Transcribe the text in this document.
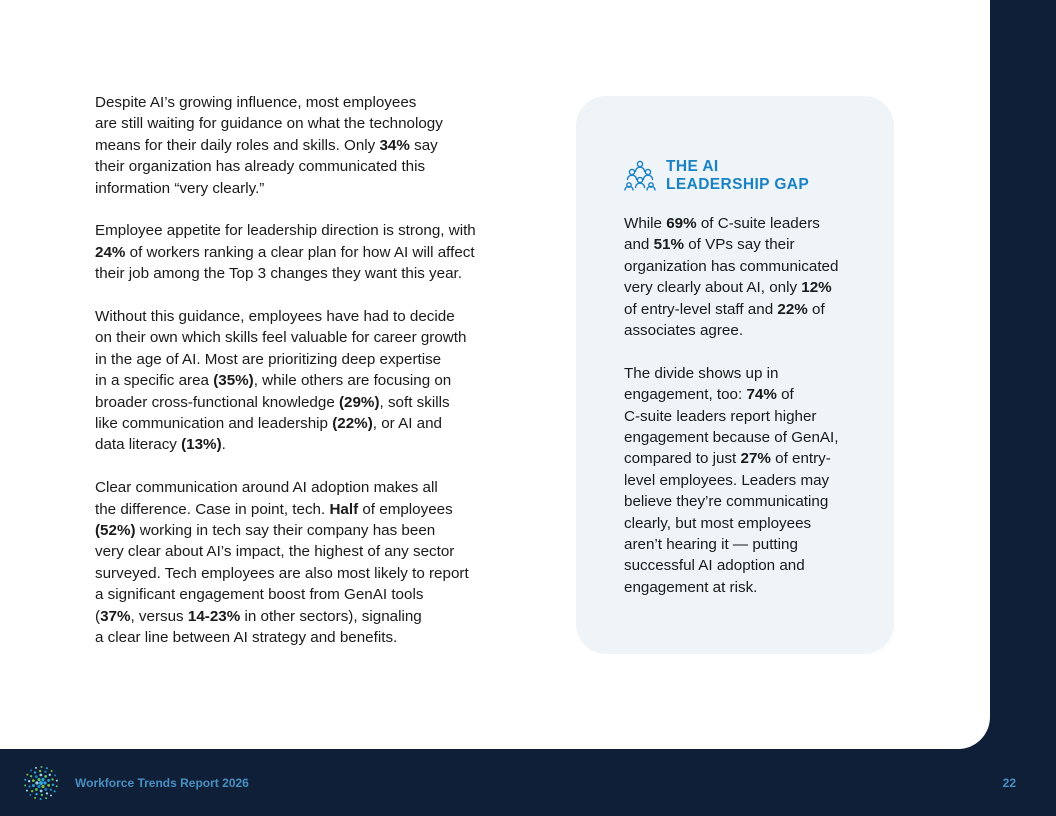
Despite AI’s growing influence, most employees
are still waiting for guidance on what the technology
means for their daily roles and skills. Only 34% say
their organization has already communicated this
information “very clearly.”

Employee appetite for leadership direction is strong, with
24% of workers ranking a clear plan for how AI will affect
their job among the Top 3 changes they want this year.

Without this guidance, employees have had to decide
on their own which skills feel valuable for career growth
in the age of AI. Most are prioritizing deep expertise
in a specific area (35%), while others are focusing on
broader cross-functional knowledge (29%), soft skills
like communication and leadership (22%), or AI and
data literacy (13%).

Clear communication around AI adoption makes all
the difference. Case in point, tech. Half of employees
(52%) working in tech say their company has been
very clear about AI’s impact, the highest of any sector
surveyed. Tech employees are also most likely to report
a significant engagement boost from GenAI tools
(37%, versus 14-23% in other sectors), signaling
a clear line between AI strategy and benefits.

THE AI
LEADERSHIP GAP

While 69% of C-suite leaders
and 51% of VPs say their
organization has communicated
very clearly about AI, only 12%
of entry-level staff and 22% of
associates agree.

The divide shows up in
engagement, too: 74% of
C-suite leaders report higher
engagement because of GenAI,
compared to just 27% of entry-
level employees. Leaders may
believe they’re communicating
clearly, but most employees
aren’t hearing it — putting
successful AI adoption and
engagement at risk.

Workforce Trends Report 2026	22
